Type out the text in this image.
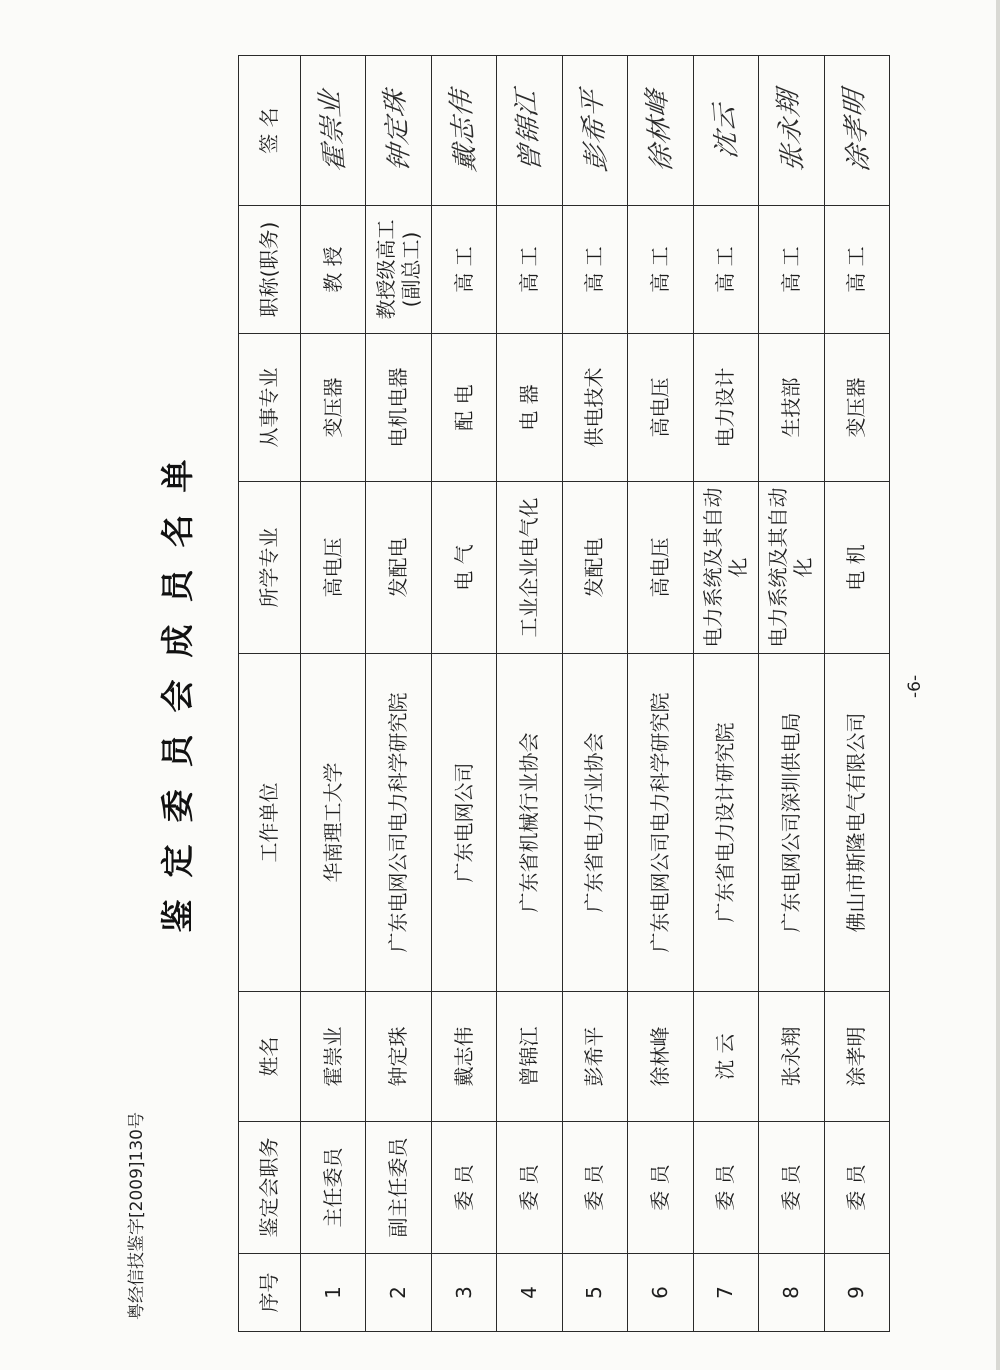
粤经信技鉴字[2009]130号
鉴定委员会成员名单
序号	鉴定会职务	姓名	工作单位	所学专业	从事专业	职称(职务)	签 名
1	主任委员	霍崇业	华南理工大学	高电压	变压器	教 授	霍崇业
2	副主任委员	钟定珠	广东电网公司电力科学研究院	发配电	电机电器	教授级高工(副总工)	钟定珠
3	委 员	戴志伟	广东电网公司	电 气	配 电	高 工	戴志伟
4	委 员	曾锦江	广东省机械行业协会	工业企业电气化	电 器	高 工	曾锦江
5	委 员	彭希平	广东省电力行业协会	发配电	供电技术	高 工	彭希平
6	委 员	徐林峰	广东电网公司电力科学研究院	高电压	高电压	高 工	徐林峰
7	委 员	沈 云	广东省电力设计研究院	电力系统及其自动化	电力设计	高 工	沈云
8	委 员	张永翔	广东电网公司深圳供电局	电力系统及其自动化	生技部	高 工	张永翔
9	委 员	涂孝明	佛山市斯隆电气有限公司	电 机	变压器	高 工	涂孝明
-6-
